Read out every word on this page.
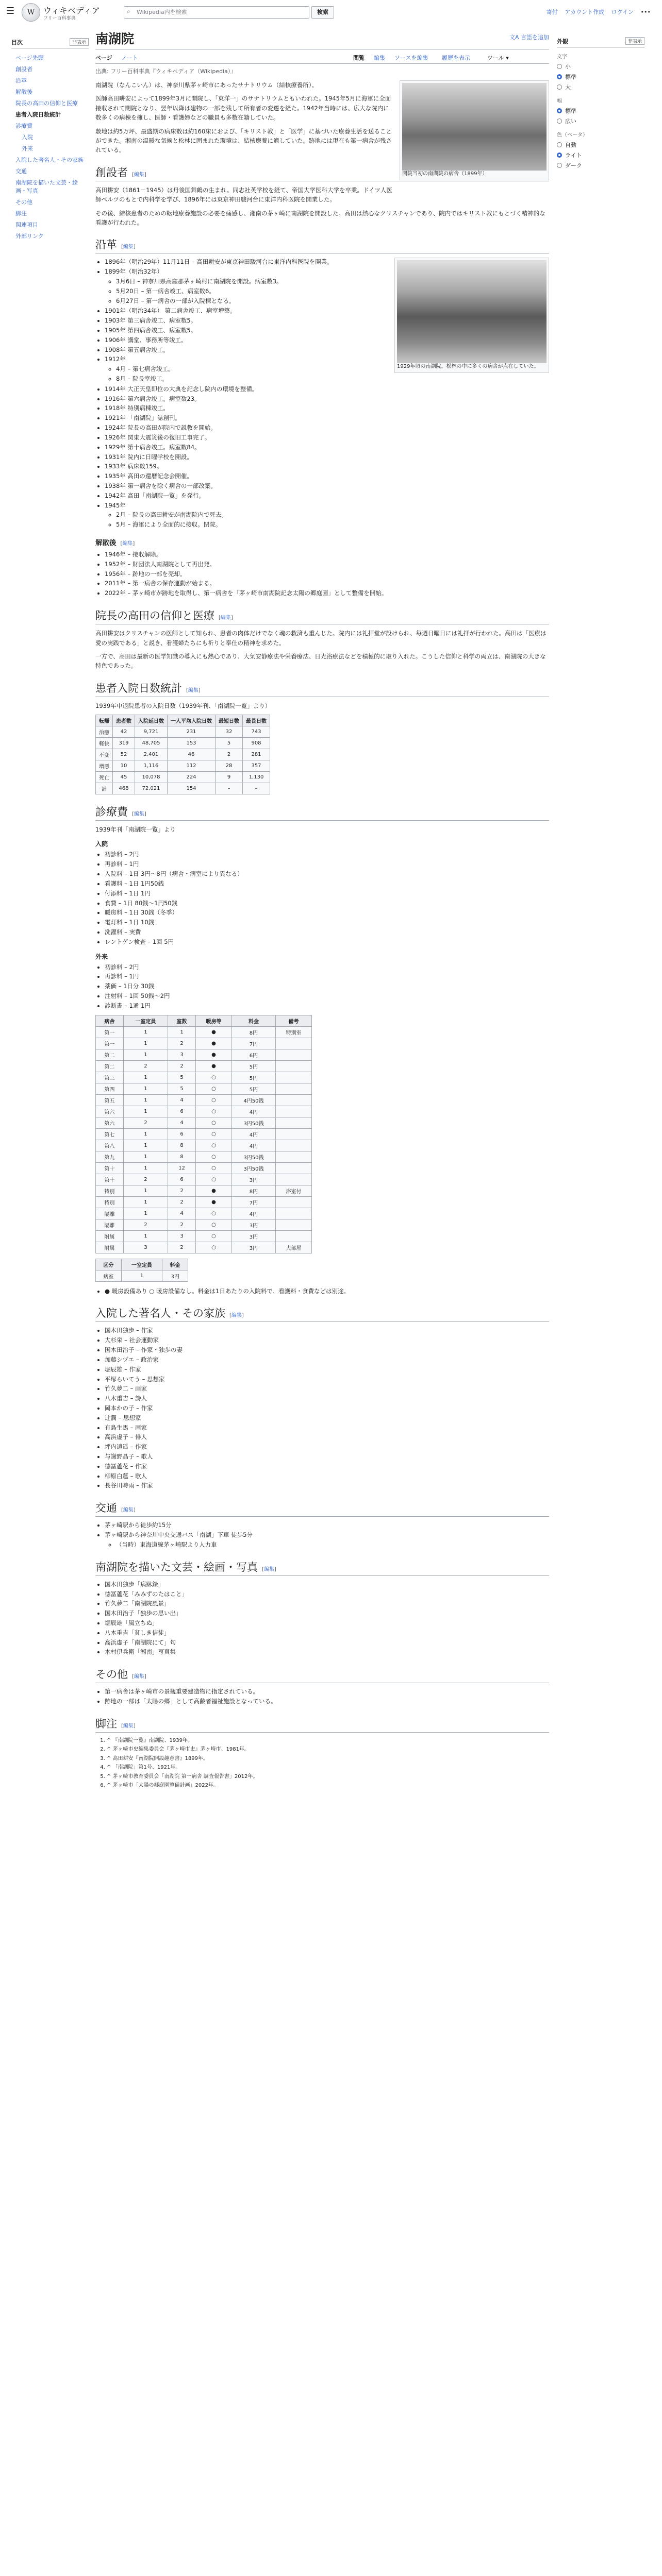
☰	W	ウィキペディア
フリー百科事典
⌕	Wikipedia内を検索	検索	寄付 アカウント作成 ログイン •••
目次	非表示
ページ先頭
創設者
沿革
解散後
院長の高田の信仰と医療
患者入院日数統計
診療費
入院
外来
入院した著名人・その家族
交通
南湖院を描いた文芸・絵画・写真
その他
脚注
関連項目
外部リンク
外観	非表示
文字
小
標準
大
幅
標準
広い
色（ベータ）
自動
ライト
ダーク
南湖院	文A 言語を追加
ページ ノート	閲覧 編集 ソースを編集 履歴を表示	ツール ▾
出典: フリー百科事典『ウィキペディア（Wikipedia）』
開院当初の南湖院の病舎（1899年）

南湖院（なんこいん）は、神奈川県茅ヶ崎市にあったサナトリウム（結核療養所）。

医師高田畊安によって1899年3月に開院し、「東洋一」のサナトリウムともいわれた。1945年5月に海軍に全面接収されて閉院となり、翌年以降は建物の一部を残して所有者の変遷を経た。1942年当時には、広大な院内に数多くの病棟を擁し、医師・看護婦などの職員も多数在籍していた。

敷地は約5万坪、最盛期の病床数は約160床におよび、「キリスト教」と「医学」に基づいた療養生活を送ることができた。湘南の温暖な気候と松林に囲まれた環境は、結核療養に適していた。跡地には現在も第一病舎が残されている。

創設者 [編集]

高田耕安（1861－1945）は丹後国舞鶴の生まれ。同志社英学校を経て、帝国大学医科大学を卒業。ドイツ人医師ベルツのもとで内科学を学び、1896年には東京神田駿河台に東洋内科医院を開業した。

その後、結核患者のための転地療養施設の必要を痛感し、湘南の茅ヶ崎に南湖院を開設した。高田は熱心なクリスチャンであり、院内ではキリスト教にもとづく精神的な看護が行われた。

沿革 [編集]
1929年頃の南湖院。松林の中に多くの病舎が点在していた。
• 1896年（明治29年）11月11日 – 高田耕安が東京神田駿河台に東洋内科医院を開業。
• 1899年（明治32年）
◦ 3月6日 – 神奈川県高座郡茅ヶ崎村に南湖院を開設。病室数3。
◦ 5月20日 – 第一病舎竣工、病室数6。
◦ 6月27日 – 第一病舎の一部が入院棟となる。
• 1901年（明治34年） 第二病舎竣工、病室増築。
• 1903年 第三病舎竣工、病室数5。
• 1905年 第四病舎竣工、病室数5。
• 1906年 講堂、事務所等竣工。
• 1908年 第五病舎竣工。
• 1912年
◦ 4月 – 第七病舎竣工。
◦ 8月 – 院長室竣工。
• 1914年 大正天皇即位の大典を記念し院内の環境を整備。
• 1916年 第六病舎竣工。病室数23。
• 1918年 特別病棟竣工。
• 1921年 「南湖院」誌創刊。
• 1924年 院長の高田が院内で説教を開始。
• 1926年 関東大震災後の復旧工事完了。
• 1929年 第十病舎竣工。病室数84。
• 1931年 院内に日曜学校を開設。
• 1933年 病床数159。
• 1935年 高田の還暦記念会開催。
• 1938年 第一病舎を除く病舎の一部改築。
• 1942年 高田「南湖院一覧」を発行。
• 1945年
◦ 2月 – 院長の高田耕安が南湖院内で死去。
◦ 5月 – 海軍により全面的に接収。閉院。
解散後 [編集]
• 1946年 – 接収解除。
• 1952年 – 財団法人南湖院として再出発。
• 1956年 – 跡地の一部を売却。
• 2011年 – 第一病舎の保存運動が始まる。
• 2022年 – 茅ヶ崎市が跡地を取得し、第一病舎を「茅ヶ崎市南湖院記念太陽の郷庭園」として整備を開始。
院長の高田の信仰と医療 [編集]

高田耕安はクリスチャンの医師として知られ、患者の肉体だけでなく魂の救済も重んじた。院内には礼拝堂が設けられ、毎週日曜日には礼拝が行われた。高田は「医療は愛の実践である」と説き、看護婦たちにも祈りと奉仕の精神を求めた。

一方で、高田は最新の医学知識の導入にも熱心であり、大気安静療法や栄養療法、日光浴療法などを積極的に取り入れた。こうした信仰と科学の両立は、南湖院の大きな特色であった。

患者入院日数統計 [編集]

1939年中退院患者の入院日数（1939年刊、「南湖院一覧」より）

転帰	患者数	入院延日数	一人平均入院日数	最短日数	最長日数
治癒	42	9,721	231	32	743
軽快	319	48,705	153	5	908
不変	52	2,401	46	2	281
増悪	10	1,116	112	28	357
死亡	45	10,078	224	9	1,130
計	468	72,021	154	–	–
診療費 [編集]

1939年刊「南湖院一覧」より

入院
• 初診料 – 2円
• 再診料 – 1円
• 入院料 – 1日 3円〜8円（病舎・病室により異なる）
• 看護料 – 1日 1円50銭
• 付添料 – 1日 1円
• 食費 – 1日 80銭〜1円50銭
• 暖房料 – 1日 30銭（冬季）
• 電灯料 – 1日 10銭
• 洗濯料 – 実費
• レントゲン検査 – 1回 5円
外来
• 初診料 – 2円
• 再診料 – 1円
• 薬価 – 1日分 30銭
• 注射料 – 1回 50銭〜2円
• 診断書 – 1通 1円
病舎	一室定員	室数	暖房等	料金	備考
第一	1	1	●	8円	特別室
第一	1	2	●	7円	
第二	1	3	●	6円	
第二	2	2	●	5円	
第三	1	5	○	5円	
第四	1	5	○	5円	
第五	1	4	○	4円50銭	
第六	1	6	○	4円	
第六	2	4	○	3円50銭	
第七	1	6	○	4円	
第八	1	8	○	4円	
第九	1	8	○	3円50銭	
第十	1	12	○	3円50銭	
第十	2	6	○	3円	
特別	1	2	●	8円	浴室付
特別	1	2	●	7円	
隔離	1	4	○	4円	
隔離	2	2	○	3円	
附属	1	3	○	3円	
附属	3	2	○	3円	大部屋
区分	一室定員	料金
病室	1	3円
• ● 暖房設備あり ○ 暖房設備なし。料金は1日あたりの入院料で、看護料・食費などは別途。
入院した著名人・その家族 [編集]
• 国木田独歩 – 作家
• 大杉栄 – 社会運動家
• 国木田治子 – 作家・独歩の妻
• 加藤シヅエ – 政治家
• 堀辰雄 – 作家
• 平塚らいてう – 思想家
• 竹久夢二 – 画家
• 八木重吉 – 詩人
• 岡本かの子 – 作家
• 辻潤 – 思想家
• 有島生馬 – 画家
• 高浜虚子 – 俳人
• 坪内逍遥 – 作家
• 与謝野晶子 – 歌人
• 徳冨蘆花 – 作家
• 柳原白蓮 – 歌人
• 長谷川時雨 – 作家
交通 [編集]
• 茅ヶ崎駅から徒歩約15分
• 茅ヶ崎駅から神奈川中央交通バス「南湖」下車 徒歩5分
◦ （当時）東海道線茅ヶ崎駅より人力車
南湖院を描いた文芸・絵画・写真 [編集]
• 国木田独歩「病牀録」
• 徳冨蘆花「みみずのたはこと」
• 竹久夢二「南湖院風景」
• 国木田治子「独歩の思い出」
• 堀辰雄「風立ちぬ」
• 八木重吉「貧しき信徒」
• 高浜虚子「南湖院にて」句
• 木村伊兵衛「湘南」写真集
その他 [編集]
• 第一病舎は茅ヶ崎市の景観重要建造物に指定されている。
• 跡地の一部は「太陽の郷」として高齢者福祉施設となっている。
脚注 [編集]
1. ^ 『南湖院一覧』南湖院、1939年。
2. ^ 茅ヶ崎市史編集委員会『茅ヶ崎市史』茅ヶ崎市、1981年。
3. ^ 高田耕安『南湖院開設趣意書』1899年。
4. ^ 「南湖院」第1号、1921年。
5. ^ 茅ヶ崎市教育委員会「南湖院 第一病舎 調査報告書」2012年。
6. ^ 茅ヶ崎市「太陽の郷庭園整備計画」2022年。
